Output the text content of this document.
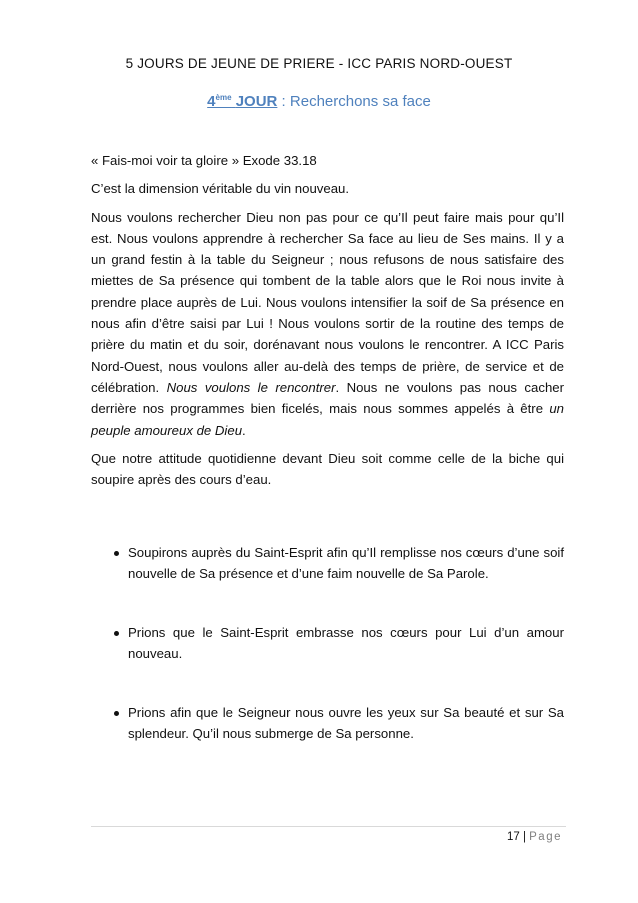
5 JOURS DE JEUNE DE PRIERE - ICC PARIS NORD-OUEST
4ème JOUR : Recherchons sa face

« Fais-moi voir ta gloire » Exode 33.18

C’est la dimension véritable du vin nouveau.

Nous voulons rechercher Dieu non pas pour ce qu’Il peut faire mais pour qu’Il est. Nous voulons apprendre à rechercher Sa face au lieu de Ses mains. Il y a un grand festin à la table du Seigneur ; nous refusons de nous satisfaire des miettes de Sa présence qui tombent de la table alors que le Roi nous invite à prendre place auprès de Lui. Nous voulons intensifier la soif de Sa présence en nous afin d’être saisi par Lui ! Nous voulons sortir de la routine des temps de prière du matin et du soir, dorénavant nous voulons le rencontrer. A ICC Paris Nord-Ouest, nous voulons aller au-delà des temps de prière, de service et de célébration. Nous voulons le rencontrer. Nous ne voulons pas nous cacher derrière nos programmes bien ficelés, mais nous sommes appelés à être un peuple amoureux de Dieu.

Que notre attitude quotidienne devant Dieu soit comme celle de la biche qui soupire après des cours d’eau.

Soupirons auprès du Saint-Esprit afin qu’Il remplisse nos cœurs d’une soif nouvelle de Sa présence et d’une faim nouvelle de Sa Parole.
Prions que le Saint-Esprit embrasse nos cœurs pour Lui d’un amour nouveau.
Prions afin que le Seigneur nous ouvre les yeux sur Sa beauté et sur Sa splendeur. Qu’il nous submerge de Sa personne.
17 | Page
